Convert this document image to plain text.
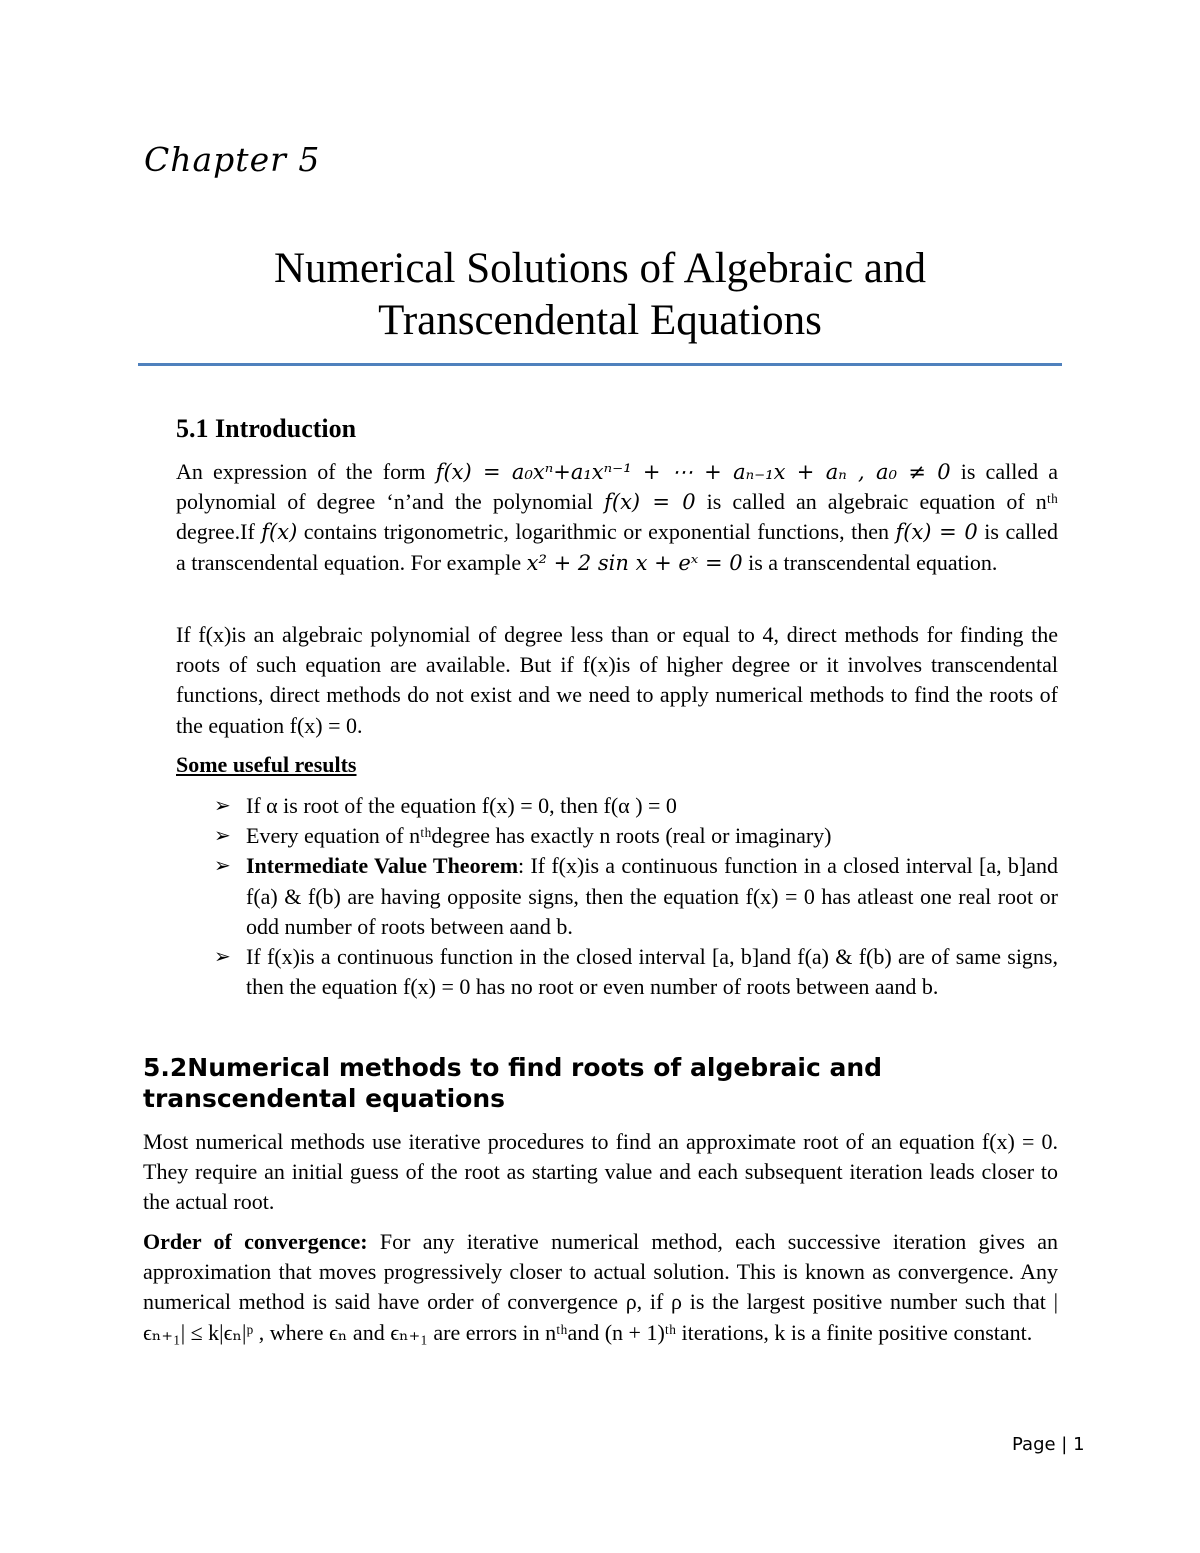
Chapter 5
Numerical Solutions of Algebraic and
Transcendental Equations
5.1 Introduction
An expression of the form f(x) = a₀xⁿ+a₁xⁿ⁻¹ + ⋯ + aₙ₋₁x + aₙ , a₀ ≠ 0 is called a polynomial of degree ‘n’and the polynomial f(x) = 0 is called an algebraic equation of nᵗʰ degree.If f(x) contains trigonometric, logarithmic or exponential functions, then f(x) = 0 is called a transcendental equation. For example x² + 2 sin x + eˣ = 0 is a transcendental equation.
If f(x)is an algebraic polynomial of degree less than or equal to 4, direct methods for finding the roots of such equation are available. But if f(x)is of higher degree or it involves transcendental functions, direct methods do not exist and we need to apply numerical methods to find the roots of the equation f(x) = 0.
Some useful results
➢ If α is root of the equation f(x) = 0, then f(α ) = 0
➢ Every equation of nᵗʰdegree has exactly n roots (real or imaginary)
➢ Intermediate Value Theorem: If f(x)is a continuous function in a closed interval [a, b]and f(a) & f(b) are having opposite signs, then the equation f(x) = 0 has atleast one real root or odd number of roots between aand b.
➢ If f(x)is a continuous function in the closed interval [a, b]and f(a) & f(b) are of same signs, then the equation f(x) = 0 has no root or even number of roots between aand b.
5.2Numerical methods to find roots of algebraic and transcendental equations
Most numerical methods use iterative procedures to find an approximate root of an equation f(x) = 0. They require an initial guess of the root as starting value and each subsequent iteration leads closer to the actual root.
Order of convergence: For any iterative numerical method, each successive iteration gives an approximation that moves progressively closer to actual solution. This is known as convergence. Any numerical method is said have order of convergence ρ, if ρ is the largest positive number such that |ϵₙ₊₁| ≤ k|ϵₙ|ᵖ , where ϵₙ and ϵₙ₊₁ are errors in nᵗʰand (n + 1)ᵗʰ iterations, k is a finite positive constant.
Page | 1
